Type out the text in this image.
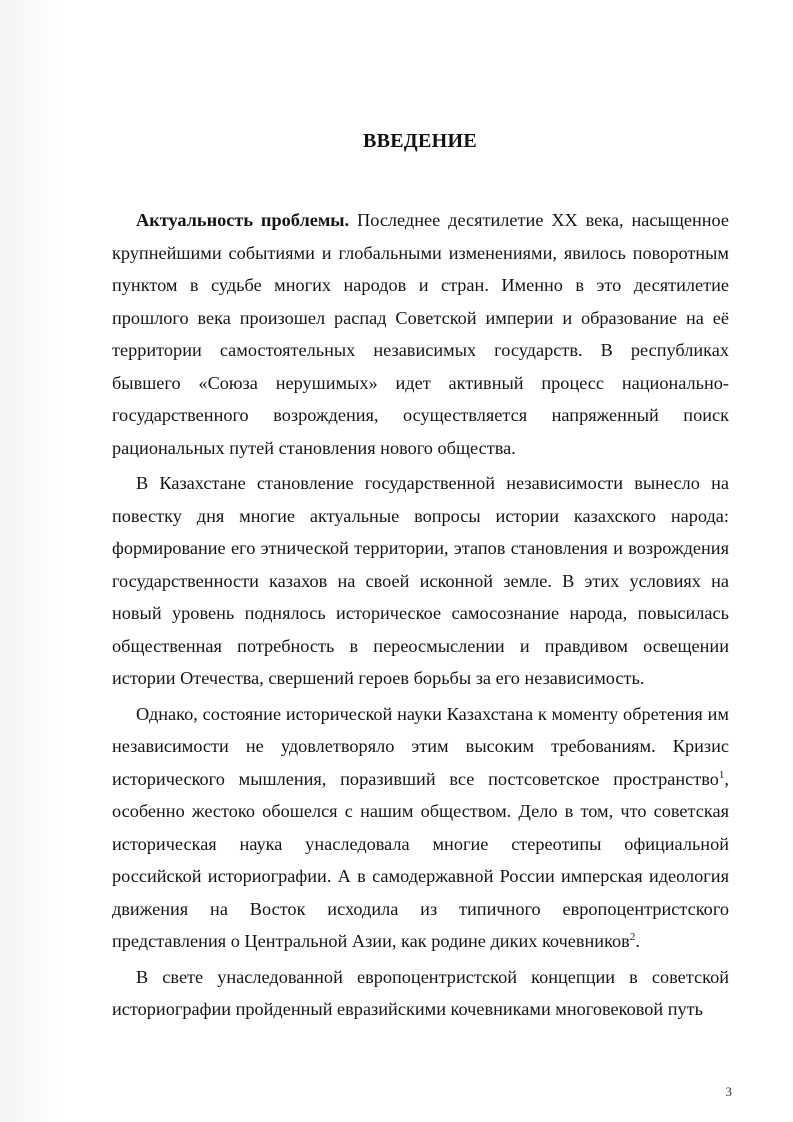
ВВЕДЕНИЕ

Актуальность проблемы. Последнее десятилетие XX века, насыщенное крупнейшими событиями и глобальными изменениями, явилось поворотным пунктом в судьбе многих народов и стран. Именно в это десятилетие прошлого века произошел распад Советской империи и образование на её территории самостоятельных независимых государств. В республиках бывшего «Союза нерушимых» идет активный процесс национально-государственного возрождения, осуществляется напряженный поиск рациональных путей становления нового общества.

В Казахстане становление государственной независимости вынесло на повестку дня многие актуальные вопросы истории казахского народа: формирование его этнической территории, этапов становления и возрождения государственности казахов на своей исконной земле. В этих условиях на новый уровень поднялось историческое самосознание народа, повысилась общественная потребность в переосмыслении и правдивом освещении истории Отечества, свершений героев борьбы за его независимость.

Однако, состояние исторической науки Казахстана к моменту обретения им независимости не удовлетворяло этим высоким требованиям. Кризис исторического мышления, поразивший все постсоветское пространство$^1$, особенно жестоко обошелся с нашим обществом. Дело в том, что советская историческая наука унаследовала многие стереотипы официальной российской историографии. А в самодержавной России имперская идеология движения на Восток исходила из типичного европоцентристского представления о Центральной Азии, как родине диких кочевников$^2$.

В свете унаследованной европоцентристской концепции в советской историографии пройденный евразийскими кочевниками многовековой путь

3
